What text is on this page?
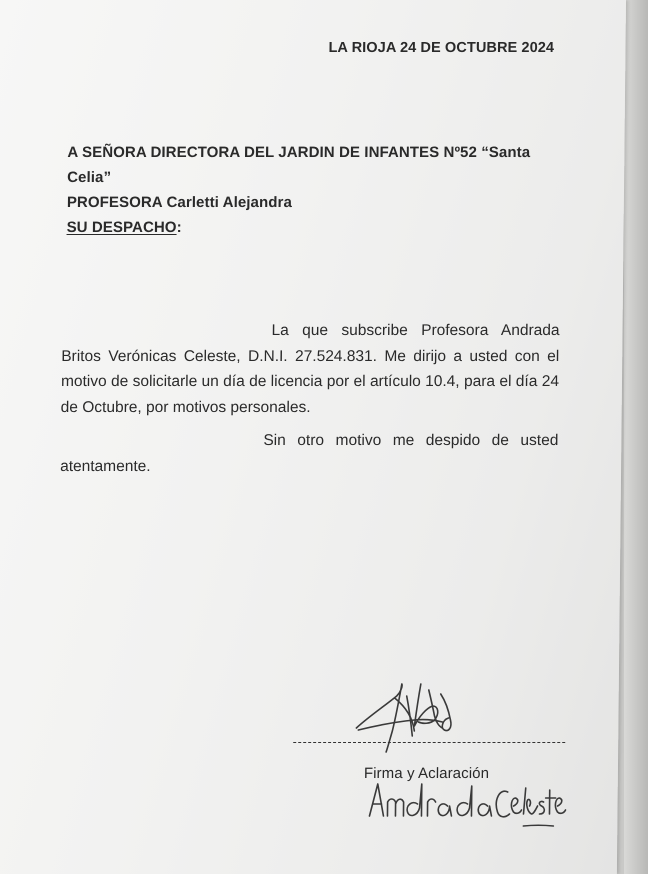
LA RIOJA 24 DE OCTUBRE 2024
A SEÑORA DIRECTORA DEL JARDIN DE INFANTES Nº52 “Santa
Celia”
PROFESORA Carletti Alejandra
SU DESPACHO:
La que subscribe Profesora Andrada Britos Verónicas Celeste, D.N.I. 27.524.831. Me dirijo a usted con el motivo de solicitarle un día de licencia por el artículo 10.4, para el día 24 de Octubre, por motivos personales.
Sin otro motivo me despido de usted atentamente.
Firma y Aclaración
